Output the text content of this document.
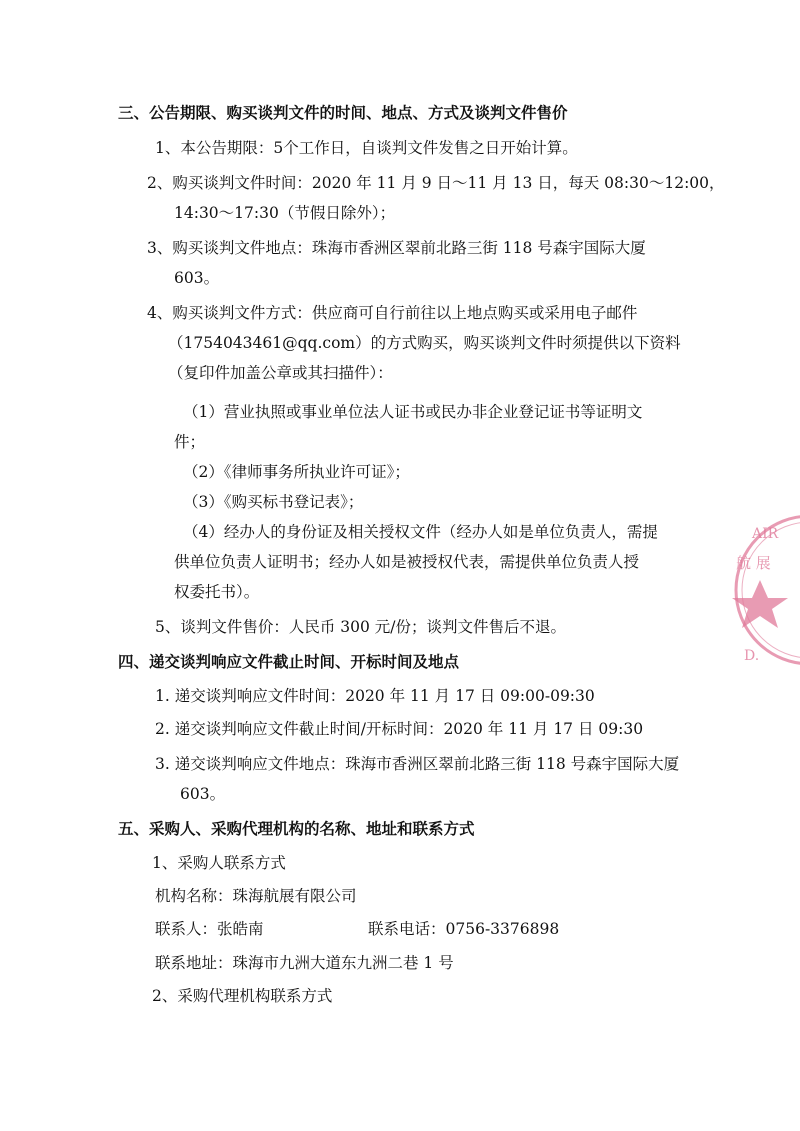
三、公告期限、购买谈判文件的时间、地点、方式及谈判文件售价
1、本公告期限：5个工作日，自谈判文件发售之日开始计算。
2、购买谈判文件时间：2020 年 11 月 9 日～11 月 13 日，每天 08:30～12:00，
14:30～17:30（节假日除外）；
3、购买谈判文件地点：珠海市香洲区翠前北路三街 118 号森宇国际大厦
603。
4、购买谈判文件方式：供应商可自行前往以上地点购买或采用电子邮件
（1754043461@qq.com）的方式购买，购买谈判文件时须提供以下资料
（复印件加盖公章或其扫描件）：
（1）营业执照或事业单位法人证书或民办非企业登记证书等证明文
件；
（2）《律师事务所执业许可证》；
（3）《购买标书登记表》；
（4）经办人的身份证及相关授权文件（经办人如是单位负责人，需提
供单位负责人证明书；经办人如是被授权代表，需提供单位负责人授
权委托书）。
5、谈判文件售价：人民币 300 元/份；谈判文件售后不退。
四、递交谈判响应文件截止时间、开标时间及地点
1. 递交谈判响应文件时间：2020 年 11 月 17 日 09:00-09:30
2. 递交谈判响应文件截止时间/开标时间：2020 年 11 月 17 日 09:30
3. 递交谈判响应文件地点：珠海市香洲区翠前北路三街 118 号森宇国际大厦
603。
五、采购人、采购代理机构的名称、地址和联系方式
1、采购人联系方式
机构名称：珠海航展有限公司
联系人：张皓南	联系电话：0756-3376898
联系地址：珠海市九洲大道东九洲二巷 1 号
2、采购代理机构联系方式
AIR
航 展
D.
